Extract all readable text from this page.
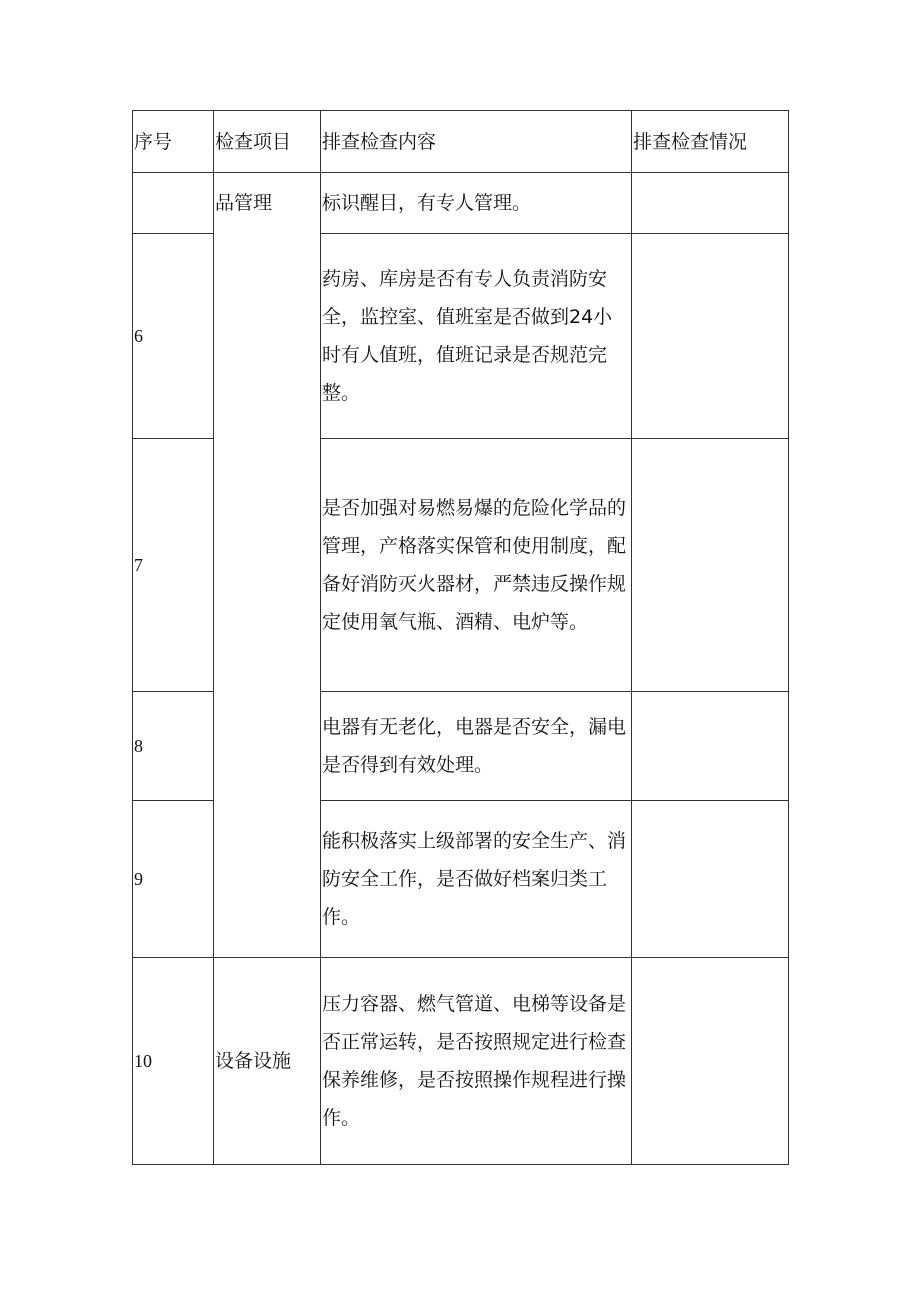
序号	检查项目	排查检查内容	排查检查情况
	品管理	标识醒目，有专人管理。	
6		药房、库房是否有专人负责消防安全，监控室、值班室是否做到24小时有人值班，值班记录是否规范完整。	
7		是否加强对易燃易爆的危险化学品的管理，产格落实保管和使用制度，配备好消防灭火器材，严禁违反操作规定使用氧气瓶、酒精、电炉等。	
8		电器有无老化，电器是否安全，漏电是否得到有效处理。	
9		能积极落实上级部署的安全生产、消防安全工作，是否做好档案归类工作。	
10	设备设施	压力容器、燃气管道、电梯等设备是否正常运转，是否按照规定进行检查保养维修，是否按照操作规程进行操作。	
